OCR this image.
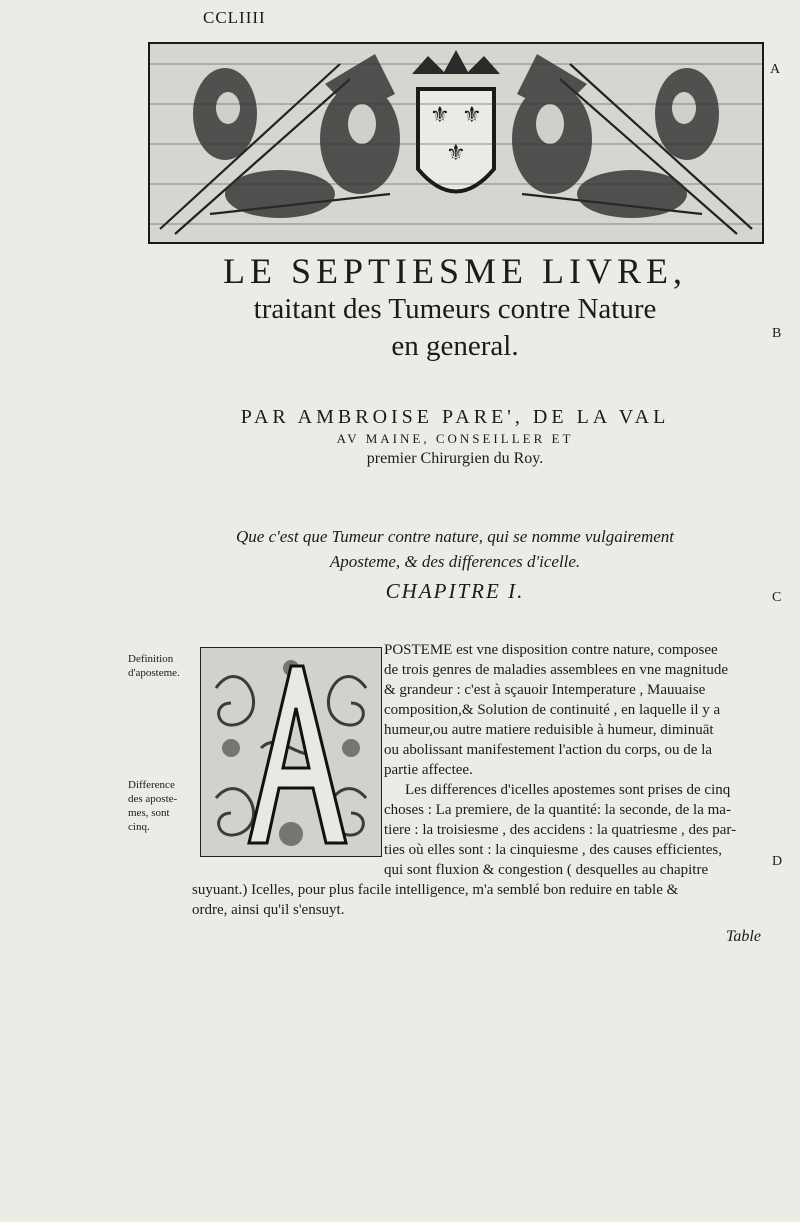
CCLIIII
A
B
C
D
⚜ ⚜
⚜
LE SEPTIESME LIVRE,
traitant des Tumeurs contre Nature
en general.
PAR AMBROISE PARE', DE LA VAL
AV MAINE, CONSEILLER ET
premier Chirurgien du Roy.
Que c'est que Tumeur contre nature, qui se nomme vulgairement
Aposteme, & des differences d'icelle.
CHAPITRE I.
Definition
d'aposteme.
Difference
des aposte-
mes, sont
cinq.
POSTEME est vne disposition contre nature, composee
de trois genres de maladies assemblees en vne magnitude
& grandeur : c'est à sçauoir Intemperature , Mauuaise
composition,& Solution de continuité , en laquelle il y a
humeur,ou autre matiere reduisible à humeur, diminuāt
ou abolissant manifestement l'action du corps, ou de la
partie affectee.
Les differences d'icelles apostemes sont prises de cinq
choses : La premiere, de la quantité: la seconde, de la ma-
tiere : la troisiesme , des accidens : la quatriesme , des par-
ties où elles sont : la cinquiesme , des causes efficientes,
qui sont fluxion & congestion ( desquelles au chapitre
suyuant.) Icelles, pour plus facile intelligence, m'a semblé bon reduire en table &
ordre, ainsi qu'il s'ensuyt.
Table
